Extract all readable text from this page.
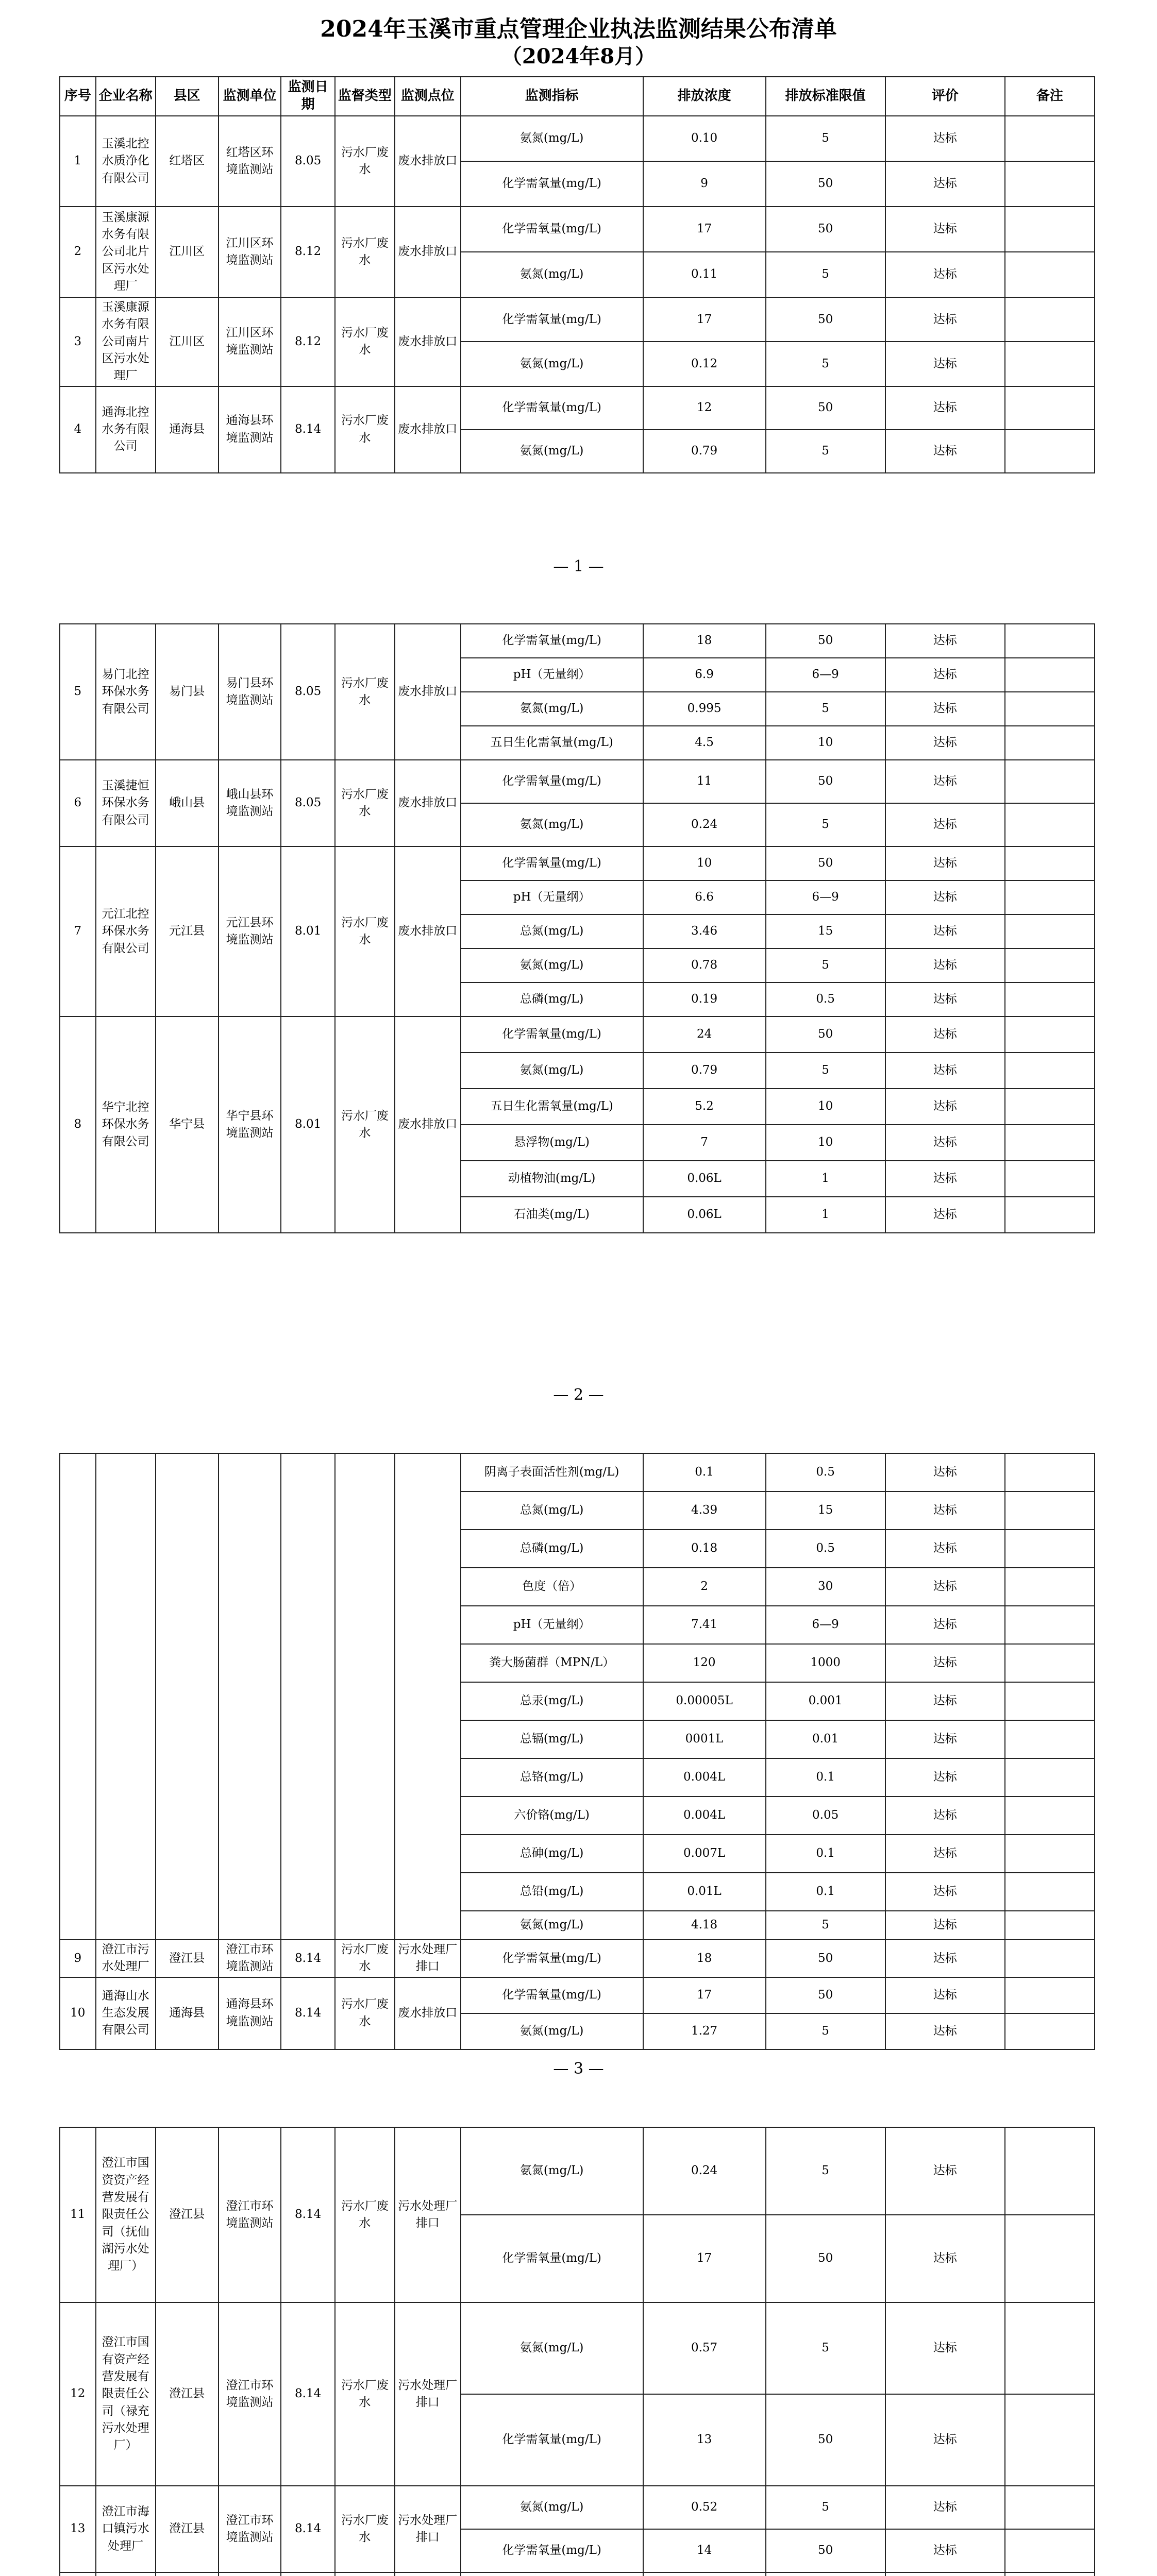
2024年玉溪市重点管理企业执法监测结果公布清单
（2024年8月）
序号	企业名称	县区	监测单位	监测日期	监督类型	监测点位	监测指标	排放浓度	排放标准限值	评价	备注
1	玉溪北控水质净化有限公司	红塔区	红塔区环境监测站	8.05	污水厂废水	废水排放口	氨氮(mg/L)	0.10	5	达标	
							化学需氧量(mg/L)	9	50	达标	
2	玉溪康源水务有限公司北片区污水处理厂	江川区	江川区环境监测站	8.12	污水厂废水	废水排放口	化学需氧量(mg/L)	17	50	达标	
							氨氮(mg/L)	0.11	5	达标	
3	玉溪康源水务有限公司南片区污水处理厂	江川区	江川区环境监测站	8.12	污水厂废水	废水排放口	化学需氧量(mg/L)	17	50	达标	
							氨氮(mg/L)	0.12	5	达标	
4	通海北控水务有限公司	通海县	通海县环境监测站	8.14	污水厂废水	废水排放口	化学需氧量(mg/L)	12	50	达标	
							氨氮(mg/L)	0.79	5	达标	
— 1 —
5	易门北控环保水务有限公司	易门县	易门县环境监测站	8.05	污水厂废水	废水排放口	化学需氧量(mg/L)	18	50	达标	
							pH（无量纲）	6.9	6—9	达标	
							氨氮(mg/L)	0.995	5	达标	
							五日生化需氧量(mg/L)	4.5	10	达标	
6	玉溪捷恒环保水务有限公司	峨山县	峨山县环境监测站	8.05	污水厂废水	废水排放口	化学需氧量(mg/L)	11	50	达标	
							氨氮(mg/L)	0.24	5	达标	
7	元江北控环保水务有限公司	元江县	元江县环境监测站	8.01	污水厂废水	废水排放口	化学需氧量(mg/L)	10	50	达标	
							pH（无量纲）	6.6	6—9	达标	
							总氮(mg/L)	3.46	15	达标	
							氨氮(mg/L)	0.78	5	达标	
							总磷(mg/L)	0.19	0.5	达标	
8	华宁北控环保水务有限公司	华宁县	华宁县环境监测站	8.01	污水厂废水	废水排放口	化学需氧量(mg/L)	24	50	达标	
							氨氮(mg/L)	0.79	5	达标	
							五日生化需氧量(mg/L)	5.2	10	达标	
							悬浮物(mg/L)	7	10	达标	
							动植物油(mg/L)	0.06L	1	达标	
							石油类(mg/L)	0.06L	1	达标	
— 2 —
							阴离子表面活性剂(mg/L)	0.1	0.5	达标	
							总氮(mg/L)	4.39	15	达标	
							总磷(mg/L)	0.18	0.5	达标	
							色度（倍）	2	30	达标	
							pH（无量纲）	7.41	6—9	达标	
							粪大肠菌群（MPN/L）	120	1000	达标	
							总汞(mg/L)	0.00005L	0.001	达标	
							总镉(mg/L)	0001L	0.01	达标	
							总铬(mg/L)	0.004L	0.1	达标	
							六价铬(mg/L)	0.004L	0.05	达标	
							总砷(mg/L)	0.007L	0.1	达标	
							总铅(mg/L)	0.01L	0.1	达标	
							氨氮(mg/L)	4.18	5	达标	
9	澄江市污水处理厂	澄江县	澄江市环境监测站	8.14	污水厂废水	污水处理厂排口	化学需氧量(mg/L)	18	50	达标	
10	通海山水生态发展有限公司	通海县	通海县环境监测站	8.14	污水厂废水	废水排放口	化学需氧量(mg/L)	17	50	达标	
							氨氮(mg/L)	1.27	5	达标	
— 3 —
11	澄江市国资资产经营发展有限责任公司（抚仙湖污水处理厂）	澄江县	澄江市环境监测站	8.14	污水厂废水	污水处理厂排口	氨氮(mg/L)	0.24	5	达标	
							化学需氧量(mg/L)	17	50	达标	
12	澄江市国有资产经营发展有限责任公司（禄充污水处理厂）	澄江县	澄江市环境监测站	8.14	污水厂废水	污水处理厂排口	氨氮(mg/L)	0.57	5	达标	
							化学需氧量(mg/L)	13	50	达标	
13	澄江市海口镇污水处理厂	澄江县	澄江市环境监测站	8.14	污水厂废水	污水处理厂排口	氨氮(mg/L)	0.52	5	达标	
							化学需氧量(mg/L)	14	50	达标	
